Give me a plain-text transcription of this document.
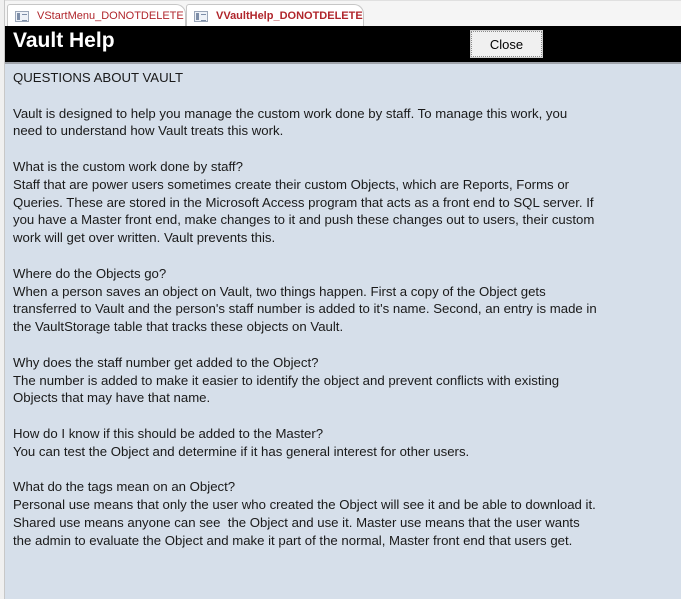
VStartMenu_DONOTDELETE	VVaultHelp_DONOTDELETE
Vault Help	Close

QUESTIONS ABOUT VAULT

Vault is designed to help you manage the custom work done by staff. To manage this work, you

need to understand how Vault treats this work.

What is the custom work done by staff?

Staff that are power users sometimes create their custom Objects, which are Reports, Forms or

Queries. These are stored in the Microsoft Access program that acts as a front end to SQL server. If

you have a Master front end, make changes to it and push these changes out to users, their custom

work will get over written. Vault prevents this.

Where do the Objects go?

When a person saves an object on Vault, two things happen. First a copy of the Object gets

transferred to Vault and the person's staff number is added to it's name. Second, an entry is made in

the VaultStorage table that tracks these objects on Vault.

Why does the staff number get added to the Object?

The number is added to make it easier to identify the object and prevent conflicts with existing

Objects that may have that name.

How do I know if this should be added to the Master?

You can test the Object and determine if it has general interest for other users.

What do the tags mean on an Object?

Personal use means that only the user who created the Object will see it and be able to download it.

Shared use means anyone can see  the Object and use it. Master use means that the user wants

the admin to evaluate the Object and make it part of the normal, Master front end that users get.
